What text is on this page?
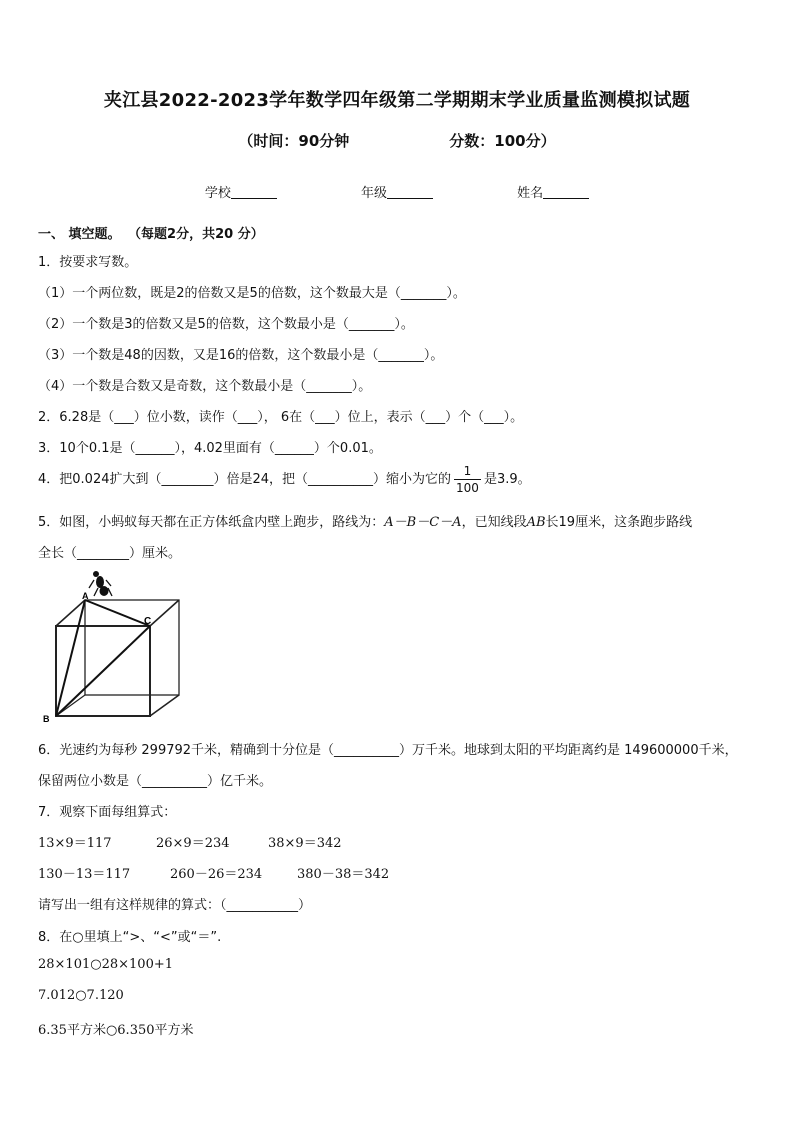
夹江县2022-2023学年数学四年级第二学期期末学业质量监测模拟试题
（时间：90分钟	分数：100分）
学校	年级	姓名
一、 填空题。 （每题2分，共20 分）
1．按要求写数。
（1）一个两位数，既是2的倍数又是5的倍数，这个数最大是（_______）。
（2）一个数是3的倍数又是5的倍数，这个数最小是（_______）。
（3）一个数是48的因数，又是16的倍数，这个数最小是（_______）。
（4）一个数是合数又是奇数，这个数最小是（_______）。
2．6.28是（___）位小数，读作（___）， 6在（___）位上，表示（___）个（___）。
3．10个0.1是（______），4.02里面有（______）个0.01。
4．把0.024扩大到（________）倍是24，把（__________）缩小为它的 $\frac{1}{100}$ 是3.9。
5．如图，小蚂蚁每天都在正方体纸盒内壁上跑步，路线为：A－B－C－A，已知线段AB长19厘米，这条跑步路线
全长（________）厘米。
A
B
C
6．光速约为每秒 299792千米，精确到十分位是（__________）万千米。地球到太阳的平均距离约是 149600000千米，
保留两位小数是（__________）亿千米。
7．观察下面每组算式：
13×9＝117	26×9＝234	38×9＝342
130－13＝117	260－26＝234	380－38＝342
请写出一组有这样规律的算式：（___________）
8．在○里填上“>、“<”或“＝”.
28×101○28×100+1
7.012○7.120
6.35平方米○6.350平方米
